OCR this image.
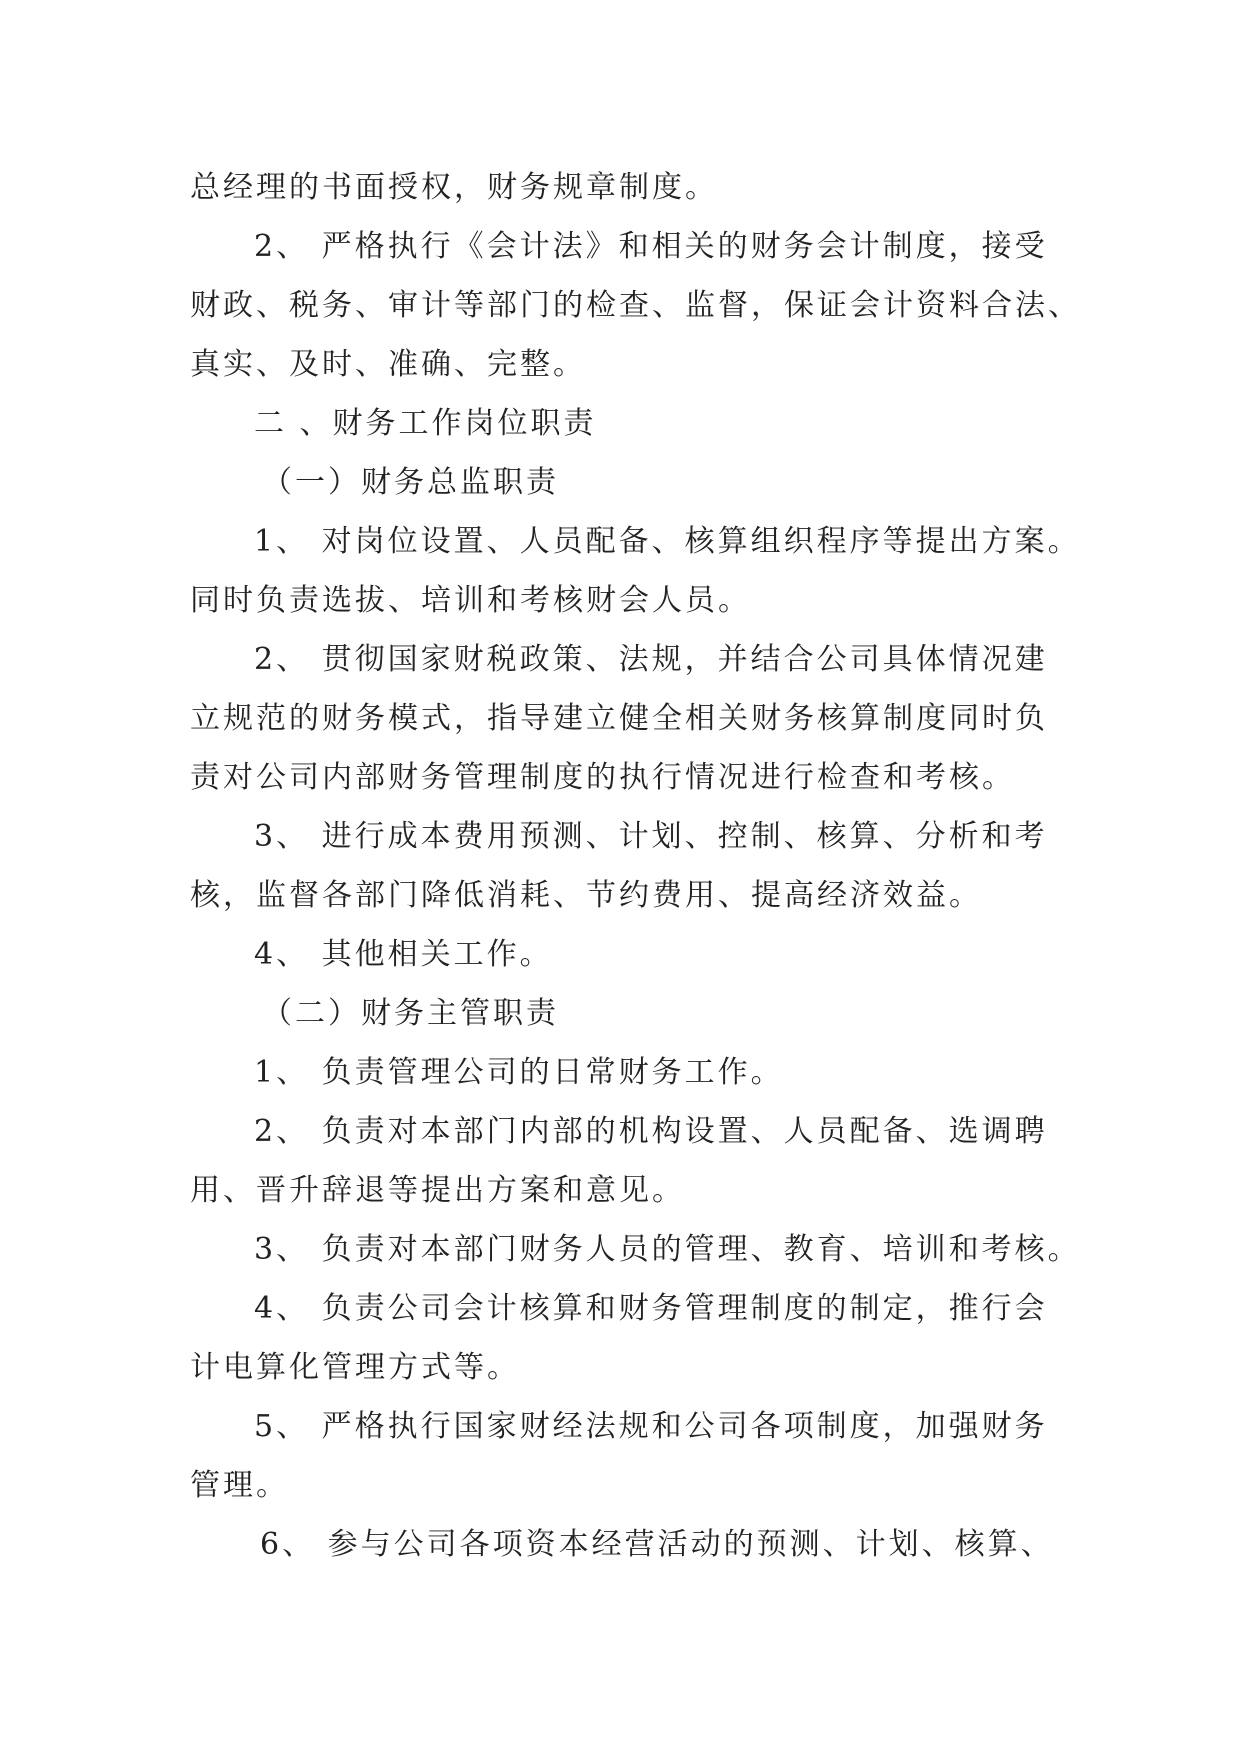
总经理的书面授权，财务规章制度。
2、 严格执行《会计法》和相关的财务会计制度，接受
财政、税务、审计等部门的检查、监督，保证会计资料合法、
真实、及时、准确、完整。
二 、财务工作岗位职责
（一）财务总监职责
1、 对岗位设置、人员配备、核算组织程序等提出方案。
同时负责选拔、培训和考核财会人员。
2、 贯彻国家财税政策、法规，并结合公司具体情况建
立规范的财务模式，指导建立健全相关财务核算制度同时负
责对公司内部财务管理制度的执行情况进行检查和考核。
3、 进行成本费用预测、计划、控制、核算、分析和考
核，监督各部门降低消耗、节约费用、提高经济效益。
4、 其他相关工作。
（二）财务主管职责
1、 负责管理公司的日常财务工作。
2、 负责对本部门内部的机构设置、人员配备、选调聘
用、晋升辞退等提出方案和意见。
3、 负责对本部门财务人员的管理、教育、培训和考核。
4、 负责公司会计核算和财务管理制度的制定，推行会
计电算化管理方式等。
5、 严格执行国家财经法规和公司各项制度，加强财务
管理。
6、 参与公司各项资本经营活动的预测、计划、核算、
